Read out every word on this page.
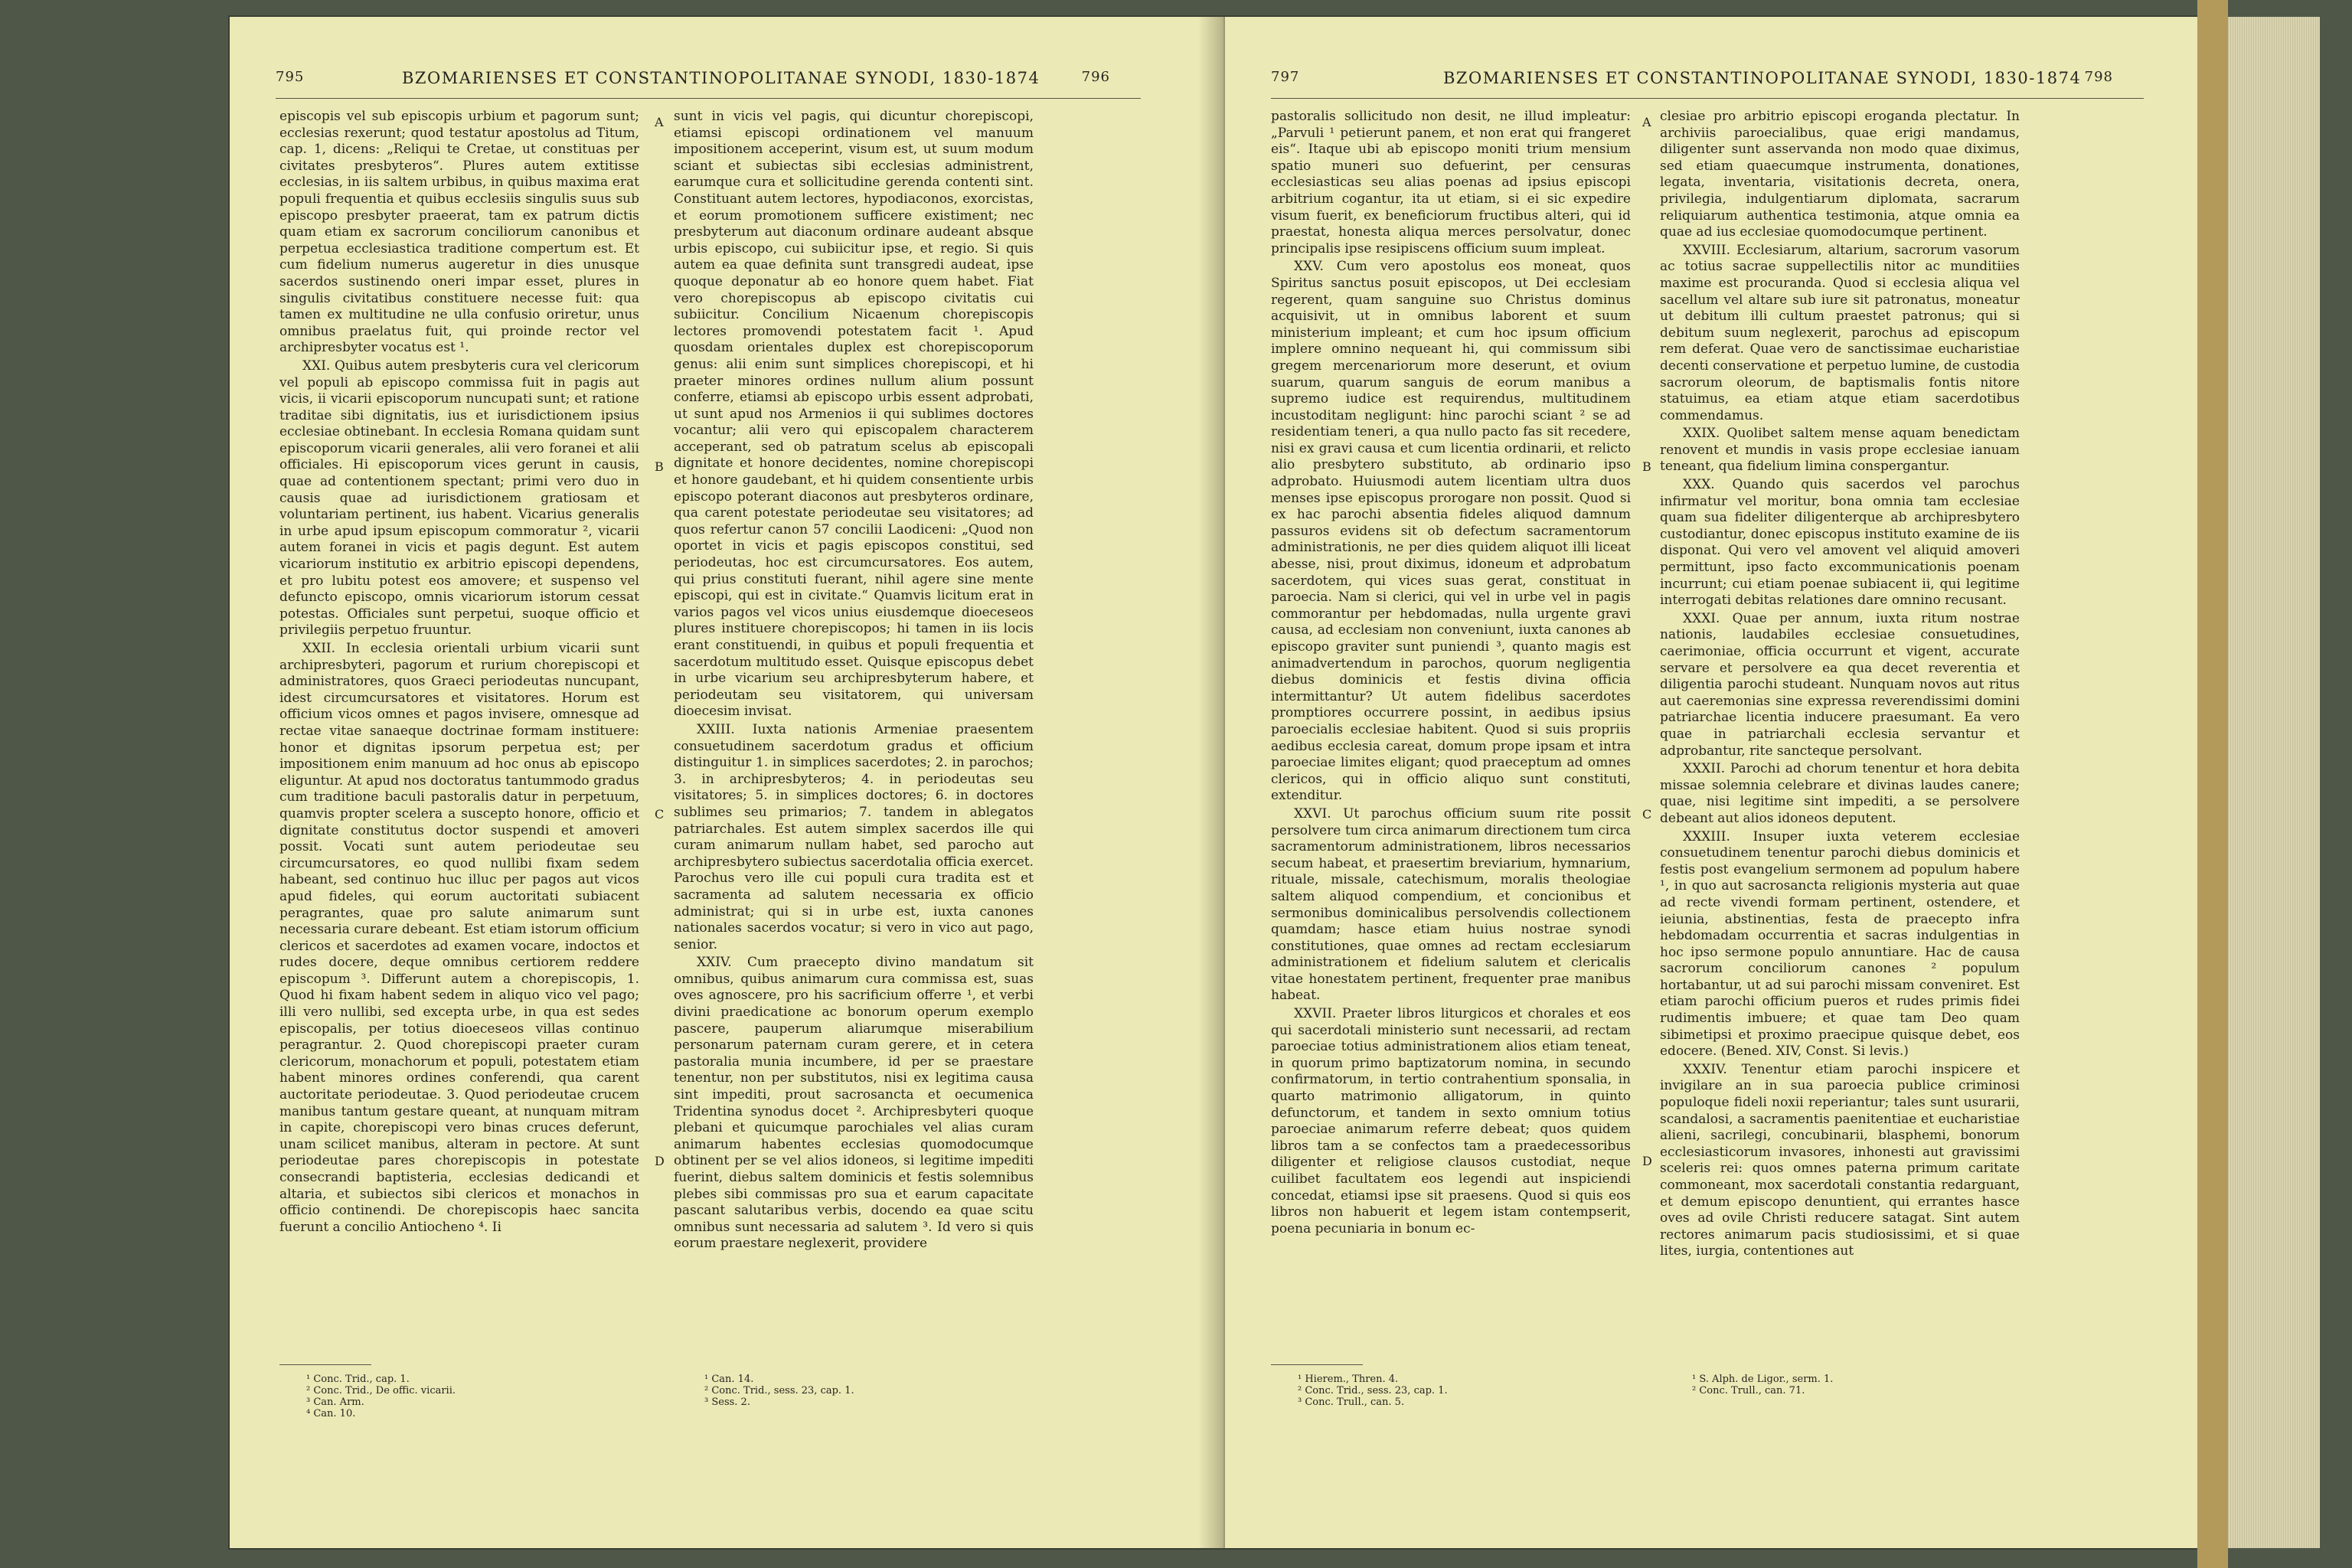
795	BZOMARIENSES ET CONSTANTINOPOLITANAE SYNODI, 1830-1874	796

episcopis vel sub episcopis urbium et pagorum sunt; ecclesias rexerunt; quod testatur apostolus ad Titum, cap. 1, dicens: „Reliqui te Cretae, ut constituas per civitates presbyteros“. Plures autem extitisse ecclesias, in iis saltem urbibus, in quibus maxima erat populi frequentia et quibus ecclesiis singulis suus sub episcopo presbyter praeerat, tam ex patrum dictis quam etiam ex sacrorum conciliorum canonibus et perpetua ecclesiastica traditione compertum est. Et cum fidelium numerus augeretur in dies unusque sacerdos sustinendo oneri impar esset, plures in singulis civitatibus constituere necesse fuit: qua tamen ex multitudine ne ulla confusio oriretur, unus omnibus praelatus fuit, qui proinde rector vel archipresbyter vocatus est ¹.

XXI. Quibus autem presbyteris cura vel clericorum vel populi ab episcopo commissa fuit in pagis aut vicis, ii vicarii episcoporum nuncupati sunt; et ratione traditae sibi dignitatis, ius et iurisdictionem ipsius ecclesiae obtinebant. In ecclesia Romana quidam sunt episcoporum vicarii generales, alii vero foranei et alii officiales. Hi episcoporum vices gerunt in causis, quae ad contentionem spectant; primi vero duo in causis quae ad iurisdictionem gratiosam et voluntariam pertinent, ius habent. Vicarius generalis in urbe apud ipsum episcopum commoratur ², vicarii autem foranei in vicis et pagis degunt. Est autem vicariorum institutio ex arbitrio episcopi dependens, et pro lubitu potest eos amovere; et suspenso vel defuncto episcopo, omnis vicariorum istorum cessat potestas. Officiales sunt perpetui, suoque officio et privilegiis perpetuo fruuntur.

XXII. In ecclesia orientali urbium vicarii sunt archipresbyteri, pagorum et rurium chorepiscopi et administratores, quos Graeci periodeutas nuncupant, idest circumcursatores et visitatores. Horum est officium vicos omnes et pagos invisere, omnesque ad rectae vitae sanaeque doctrinae formam instituere: honor et dignitas ipsorum perpetua est; per impositionem enim manuum ad hoc onus ab episcopo eliguntur. At apud nos doctoratus tantummodo gradus cum traditione baculi pastoralis datur in perpetuum, quamvis propter scelera a suscepto honore, officio et dignitate constitutus doctor suspendi et amoveri possit. Vocati sunt autem periodeutae seu circumcursatores, eo quod nullibi fixam sedem habeant, sed continuo huc illuc per pagos aut vicos apud fideles, qui eorum auctoritati subiacent peragrantes, quae pro salute animarum sunt necessaria curare debeant. Est etiam istorum officium clericos et sacerdotes ad examen vocare, indoctos et rudes docere, deque omnibus certiorem reddere episcopum ³. Differunt autem a chorepiscopis, 1. Quod hi fixam habent sedem in aliquo vico vel pago; illi vero nullibi, sed excepta urbe, in qua est sedes episcopalis, per totius dioeceseos villas continuo peragrantur. 2. Quod chorepiscopi praeter curam clericorum, monachorum et populi, potestatem etiam habent minores ordines conferendi, qua carent auctoritate periodeutae. 3. Quod periodeutae crucem manibus tantum gestare queant, at nunquam mitram in capite, chorepiscopi vero binas cruces deferunt, unam scilicet manibus, alteram in pectore. At sunt periodeutae pares chorepiscopis in potestate consecrandi baptisteria, ecclesias dedicandi et altaria, et subiectos sibi clericos et monachos in officio continendi. De chorepiscopis haec sancita fuerunt a concilio Antiocheno ⁴. Ii

sunt in vicis vel pagis, qui dicuntur chorepiscopi, etiamsi episcopi ordinationem vel manuum impositionem acceperint, visum est, ut suum modum sciant et subiectas sibi ecclesias administrent, earumque cura et sollicitudine gerenda contenti sint. Constituant autem lectores, hypodiaconos, exorcistas, et eorum promotionem sufficere existiment; nec presbyterum aut diaconum ordinare audeant absque urbis episcopo, cui subiicitur ipse, et regio. Si quis autem ea quae definita sunt transgredi audeat, ipse quoque deponatur ab eo honore quem habet. Fiat vero chorepiscopus ab episcopo civitatis cui subiicitur. Concilium Nicaenum chorepiscopis lectores promovendi potestatem facit ¹. Apud quosdam orientales duplex est chorepiscoporum genus: alii enim sunt simplices chorepiscopi, et hi praeter minores ordines nullum alium possunt conferre, etiamsi ab episcopo urbis essent adprobati, ut sunt apud nos Armenios ii qui sublimes doctores vocantur; alii vero qui episcopalem characterem acceperant, sed ob patratum scelus ab episcopali dignitate et honore decidentes, nomine chorepiscopi et honore gaudebant, et hi quidem consentiente urbis episcopo poterant diaconos aut presbyteros ordinare, qua carent potestate periodeutae seu visitatores; ad quos refertur canon 57 concilii Laodiceni: „Quod non oportet in vicis et pagis episcopos constitui, sed periodeutas, hoc est circumcursatores. Eos autem, qui prius constituti fuerant, nihil agere sine mente episcopi, qui est in civitate.“ Quamvis licitum erat in varios pagos vel vicos unius eiusdemque dioeceseos plures instituere chorepiscopos; hi tamen in iis locis erant constituendi, in quibus et populi frequentia et sacerdotum multitudo esset. Quisque episcopus debet in urbe vicarium seu archipresbyterum habere, et periodeutam seu visitatorem, qui universam dioecesim invisat.

XXIII. Iuxta nationis Armeniae praesentem consuetudinem sacerdotum gradus et officium distinguitur 1. in simplices sacerdotes; 2. in parochos; 3. in archipresbyteros; 4. in periodeutas seu visitatores; 5. in simplices doctores; 6. in doctores sublimes seu primarios; 7. tandem in ablegatos patriarchales. Est autem simplex sacerdos ille qui curam animarum nullam habet, sed parocho aut archipresbytero subiectus sacerdotalia officia exercet. Parochus vero ille cui populi cura tradita est et sacramenta ad salutem necessaria ex officio administrat; qui si in urbe est, iuxta canones nationales sacerdos vocatur; si vero in vico aut pago, senior.

XXIV. Cum praecepto divino mandatum sit omnibus, quibus animarum cura commissa est, suas oves agnoscere, pro his sacrificium offerre ¹, et verbi divini praedicatione ac bonorum operum exemplo pascere, pauperum aliarumque miserabilium personarum paternam curam gerere, et in cetera pastoralia munia incumbere, id per se praestare tenentur, non per substitutos, nisi ex legitima causa sint impediti, prout sacrosancta et oecumenica Tridentina synodus docet ². Archipresbyteri quoque plebani et quicumque parochiales vel alias curam animarum habentes ecclesias quomodocumque obtinent per se vel alios idoneos, si legitime impediti fuerint, diebus saltem dominicis et festis solemnibus plebes sibi commissas pro sua et earum capacitate pascant salutaribus verbis, docendo ea quae scitu omnibus sunt necessaria ad salutem ³. Id vero si quis eorum praestare neglexerit, providere

A
B
C
D
¹ Conc. Trid., cap. 1.
² Conc. Trid., De offic. vicarii.
³ Can. Arm.
⁴ Can. 10.
¹ Can. 14.
² Conc. Trid., sess. 23, cap. 1.
³ Sess. 2.
797	BZOMARIENSES ET CONSTANTINOPOLITANAE SYNODI, 1830-1874 798

pastoralis sollicitudo non desit, ne illud impleatur: „Parvuli ¹ petierunt panem, et non erat qui frangeret eis“. Itaque ubi ab episcopo moniti trium mensium spatio muneri suo defuerint, per censuras ecclesiasticas seu alias poenas ad ipsius episcopi arbitrium cogantur, ita ut etiam, si ei sic expedire visum fuerit, ex beneficiorum fructibus alteri, qui id praestat, honesta aliqua merces persolvatur, donec principalis ipse resipiscens officium suum impleat.

XXV. Cum vero apostolus eos moneat, quos Spiritus sanctus posuit episcopos, ut Dei ecclesiam regerent, quam sanguine suo Christus dominus acquisivit, ut in omnibus laborent et suum ministerium impleant; et cum hoc ipsum officium implere omnino nequeant hi, qui commissum sibi gregem mercenariorum more deserunt, et ovium suarum, quarum sanguis de eorum manibus a supremo iudice est requirendus, multitudinem incustoditam negligunt: hinc parochi sciant ² se ad residentiam teneri, a qua nullo pacto fas sit recedere, nisi ex gravi causa et cum licentia ordinarii, et relicto alio presbytero substituto, ab ordinario ipso adprobato. Huiusmodi autem licentiam ultra duos menses ipse episcopus prorogare non possit. Quod si ex hac parochi absentia fideles aliquod damnum passuros evidens sit ob defectum sacramentorum administrationis, ne per dies quidem aliquot illi liceat abesse, nisi, prout diximus, idoneum et adprobatum sacerdotem, qui vices suas gerat, constituat in paroecia. Nam si clerici, qui vel in urbe vel in pagis commorantur per hebdomadas, nulla urgente gravi causa, ad ecclesiam non conveniunt, iuxta canones ab episcopo graviter sunt puniendi ³, quanto magis est animadvertendum in parochos, quorum negligentia diebus dominicis et festis divina officia intermittantur? Ut autem fidelibus sacerdotes promptiores occurrere possint, in aedibus ipsius paroecialis ecclesiae habitent. Quod si suis propriis aedibus ecclesia careat, domum prope ipsam et intra paroeciae limites eligant; quod praeceptum ad omnes clericos, qui in officio aliquo sunt constituti, extenditur.

XXVI. Ut parochus officium suum rite possit persolvere tum circa animarum directionem tum circa sacramentorum administrationem, libros necessarios secum habeat, et praesertim breviarium, hymnarium, rituale, missale, catechismum, moralis theologiae saltem aliquod compendium, et concionibus et sermonibus dominicalibus persolvendis collectionem quamdam; hasce etiam huius nostrae synodi constitutiones, quae omnes ad rectam ecclesiarum administrationem et fidelium salutem et clericalis vitae honestatem pertinent, frequenter prae manibus habeat.

XXVII. Praeter libros liturgicos et chorales et eos qui sacerdotali ministerio sunt necessarii, ad rectam paroeciae totius administrationem alios etiam teneat, in quorum primo baptizatorum nomina, in secundo confirmatorum, in tertio contrahentium sponsalia, in quarto matrimonio alligatorum, in quinto defunctorum, et tandem in sexto omnium totius paroeciae animarum referre debeat; quos quidem libros tam a se confectos tam a praedecessoribus diligenter et religiose clausos custodiat, neque cuilibet facultatem eos legendi aut inspiciendi concedat, etiamsi ipse sit praesens. Quod si quis eos libros non habuerit et legem istam contempserit, poena pecuniaria in bonum ec-

clesiae pro arbitrio episcopi eroganda plectatur. In archiviis paroecialibus, quae erigi mandamus, diligenter sunt asservanda non modo quae diximus, sed etiam quaecumque instrumenta, donationes, legata, inventaria, visitationis decreta, onera, privilegia, indulgentiarum diplomata, sacrarum reliquiarum authentica testimonia, atque omnia ea quae ad ius ecclesiae quomodocumque pertinent.

XXVIII. Ecclesiarum, altarium, sacrorum vasorum ac totius sacrae suppellectilis nitor ac munditiies maxime est procuranda. Quod si ecclesia aliqua vel sacellum vel altare sub iure sit patronatus, moneatur ut debitum illi cultum praestet patronus; qui si debitum suum neglexerit, parochus ad episcopum rem deferat. Quae vero de sanctissimae eucharistiae decenti conservatione et perpetuo lumine, de custodia sacrorum oleorum, de baptismalis fontis nitore statuimus, ea etiam atque etiam sacerdotibus commendamus.

XXIX. Quolibet saltem mense aquam benedictam renovent et mundis in vasis prope ecclesiae ianuam teneant, qua fidelium limina conspergantur.

XXX. Quando quis sacerdos vel parochus infirmatur vel moritur, bona omnia tam ecclesiae quam sua fideliter diligenterque ab archipresbytero custodiantur, donec episcopus instituto examine de iis disponat. Qui vero vel amovent vel aliquid amoveri permittunt, ipso facto excommunicationis poenam incurrunt; cui etiam poenae subiacent ii, qui legitime interrogati debitas relationes dare omnino recusant.

XXXI. Quae per annum, iuxta ritum nostrae nationis, laudabiles ecclesiae consuetudines, caerimoniae, officia occurrunt et vigent, accurate servare et persolvere ea qua decet reverentia et diligentia parochi studeant. Nunquam novos aut ritus aut caeremonias sine expressa reverendissimi domini patriarchae licentia inducere praesumant. Ea vero quae in patriarchali ecclesia servantur et adprobantur, rite sancteque persolvant.

XXXII. Parochi ad chorum tenentur et hora debita missae solemnia celebrare et divinas laudes canere; quae, nisi legitime sint impediti, a se persolvere debeant aut alios idoneos deputent.

XXXIII. Insuper iuxta veterem ecclesiae consuetudinem tenentur parochi diebus dominicis et festis post evangelium sermonem ad populum habere ¹, in quo aut sacrosancta religionis mysteria aut quae ad recte vivendi formam pertinent, ostendere, et ieiunia, abstinentias, festa de praecepto infra hebdomadam occurrentia et sacras indulgentias in hoc ipso sermone populo annuntiare. Hac de causa sacrorum conciliorum canones ² populum hortabantur, ut ad sui parochi missam conveniret. Est etiam parochi officium pueros et rudes primis fidei rudimentis imbuere; et quae tam Deo quam sibimetipsi et proximo praecipue quisque debet, eos edocere. (Bened. XIV, Const. Si levis.)

XXXIV. Tenentur etiam parochi inspicere et invigilare an in sua paroecia publice criminosi populoque fideli noxii reperiantur; tales sunt usurarii, scandalosi, a sacramentis paenitentiae et eucharistiae alieni, sacrilegi, concubinarii, blasphemi, bonorum ecclesiasticorum invasores, inhonesti aut gravissimi sceleris rei: quos omnes paterna primum caritate commoneant, mox sacerdotali constantia redarguant, et demum episcopo denuntient, qui errantes hasce oves ad ovile Christi reducere satagat. Sint autem rectores animarum pacis studiosissimi, et si quae lites, iurgia, contentiones aut

A
B
C
D
¹ Hierem., Thren. 4.
² Conc. Trid., sess. 23, cap. 1.
³ Conc. Trull., can. 5.
¹ S. Alph. de Ligor., serm. 1.
² Conc. Trull., can. 71.
